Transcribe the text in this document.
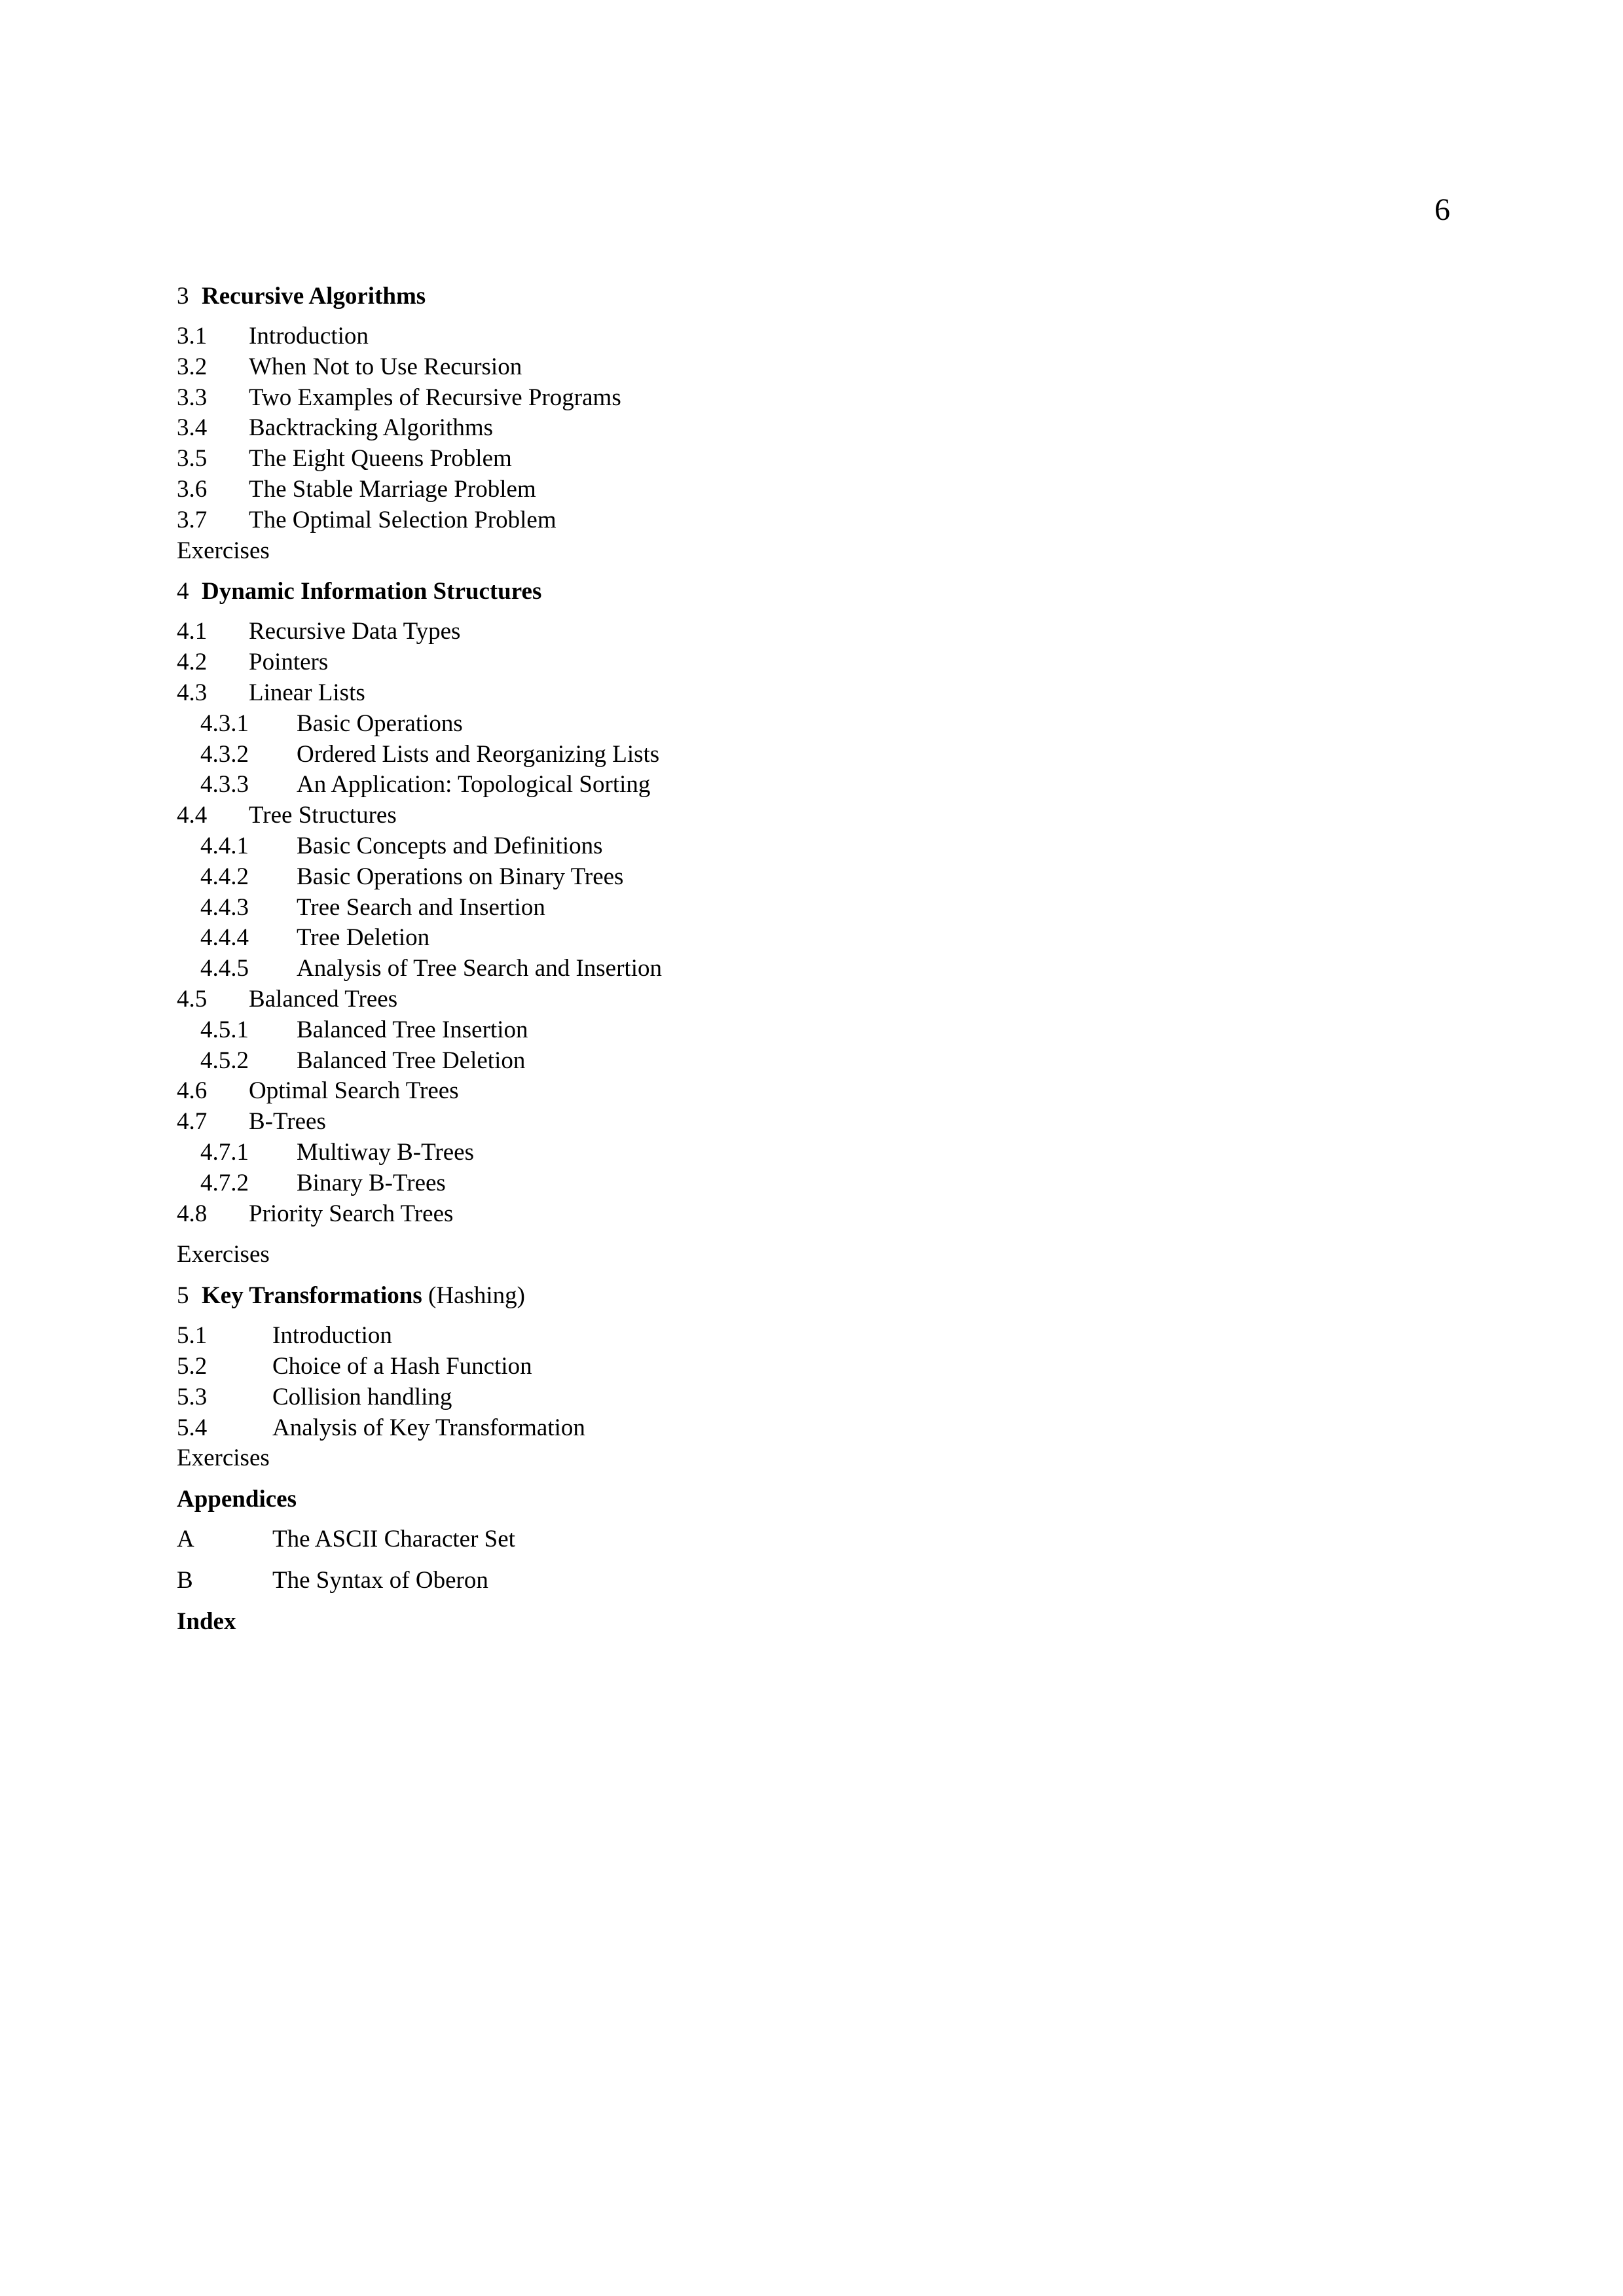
6
3 Recursive Algorithms
3.1	Introduction
3.2	When Not to Use Recursion
3.3	Two Examples of Recursive Programs
3.4	Backtracking Algorithms
3.5	The Eight Queens Problem
3.6	The Stable Marriage Problem
3.7	The Optimal Selection Problem
Exercises
4 Dynamic Information Structures
4.1	Recursive Data Types
4.2	Pointers
4.3	Linear Lists
4.3.1	Basic Operations
4.3.2	Ordered Lists and Reorganizing Lists
4.3.3	An Application: Topological Sorting
4.4	Tree Structures
4.4.1	Basic Concepts and Definitions
4.4.2	Basic Operations on Binary Trees
4.4.3	Tree Search and Insertion
4.4.4	Tree Deletion
4.4.5	Analysis of Tree Search and Insertion
4.5	Balanced Trees
4.5.1	Balanced Tree Insertion
4.5.2	Balanced Tree Deletion
4.6	Optimal Search Trees
4.7	B-Trees
4.7.1	Multiway B-Trees
4.7.2	Binary B-Trees
4.8	Priority Search Trees
Exercises
5 Key Transformations (Hashing)
5.1	Introduction
5.2	Choice of a Hash Function
5.3	Collision handling
5.4	Analysis of Key Transformation
Exercises
Appendices
A	The ASCII Character Set
B	The Syntax of Oberon
Index
